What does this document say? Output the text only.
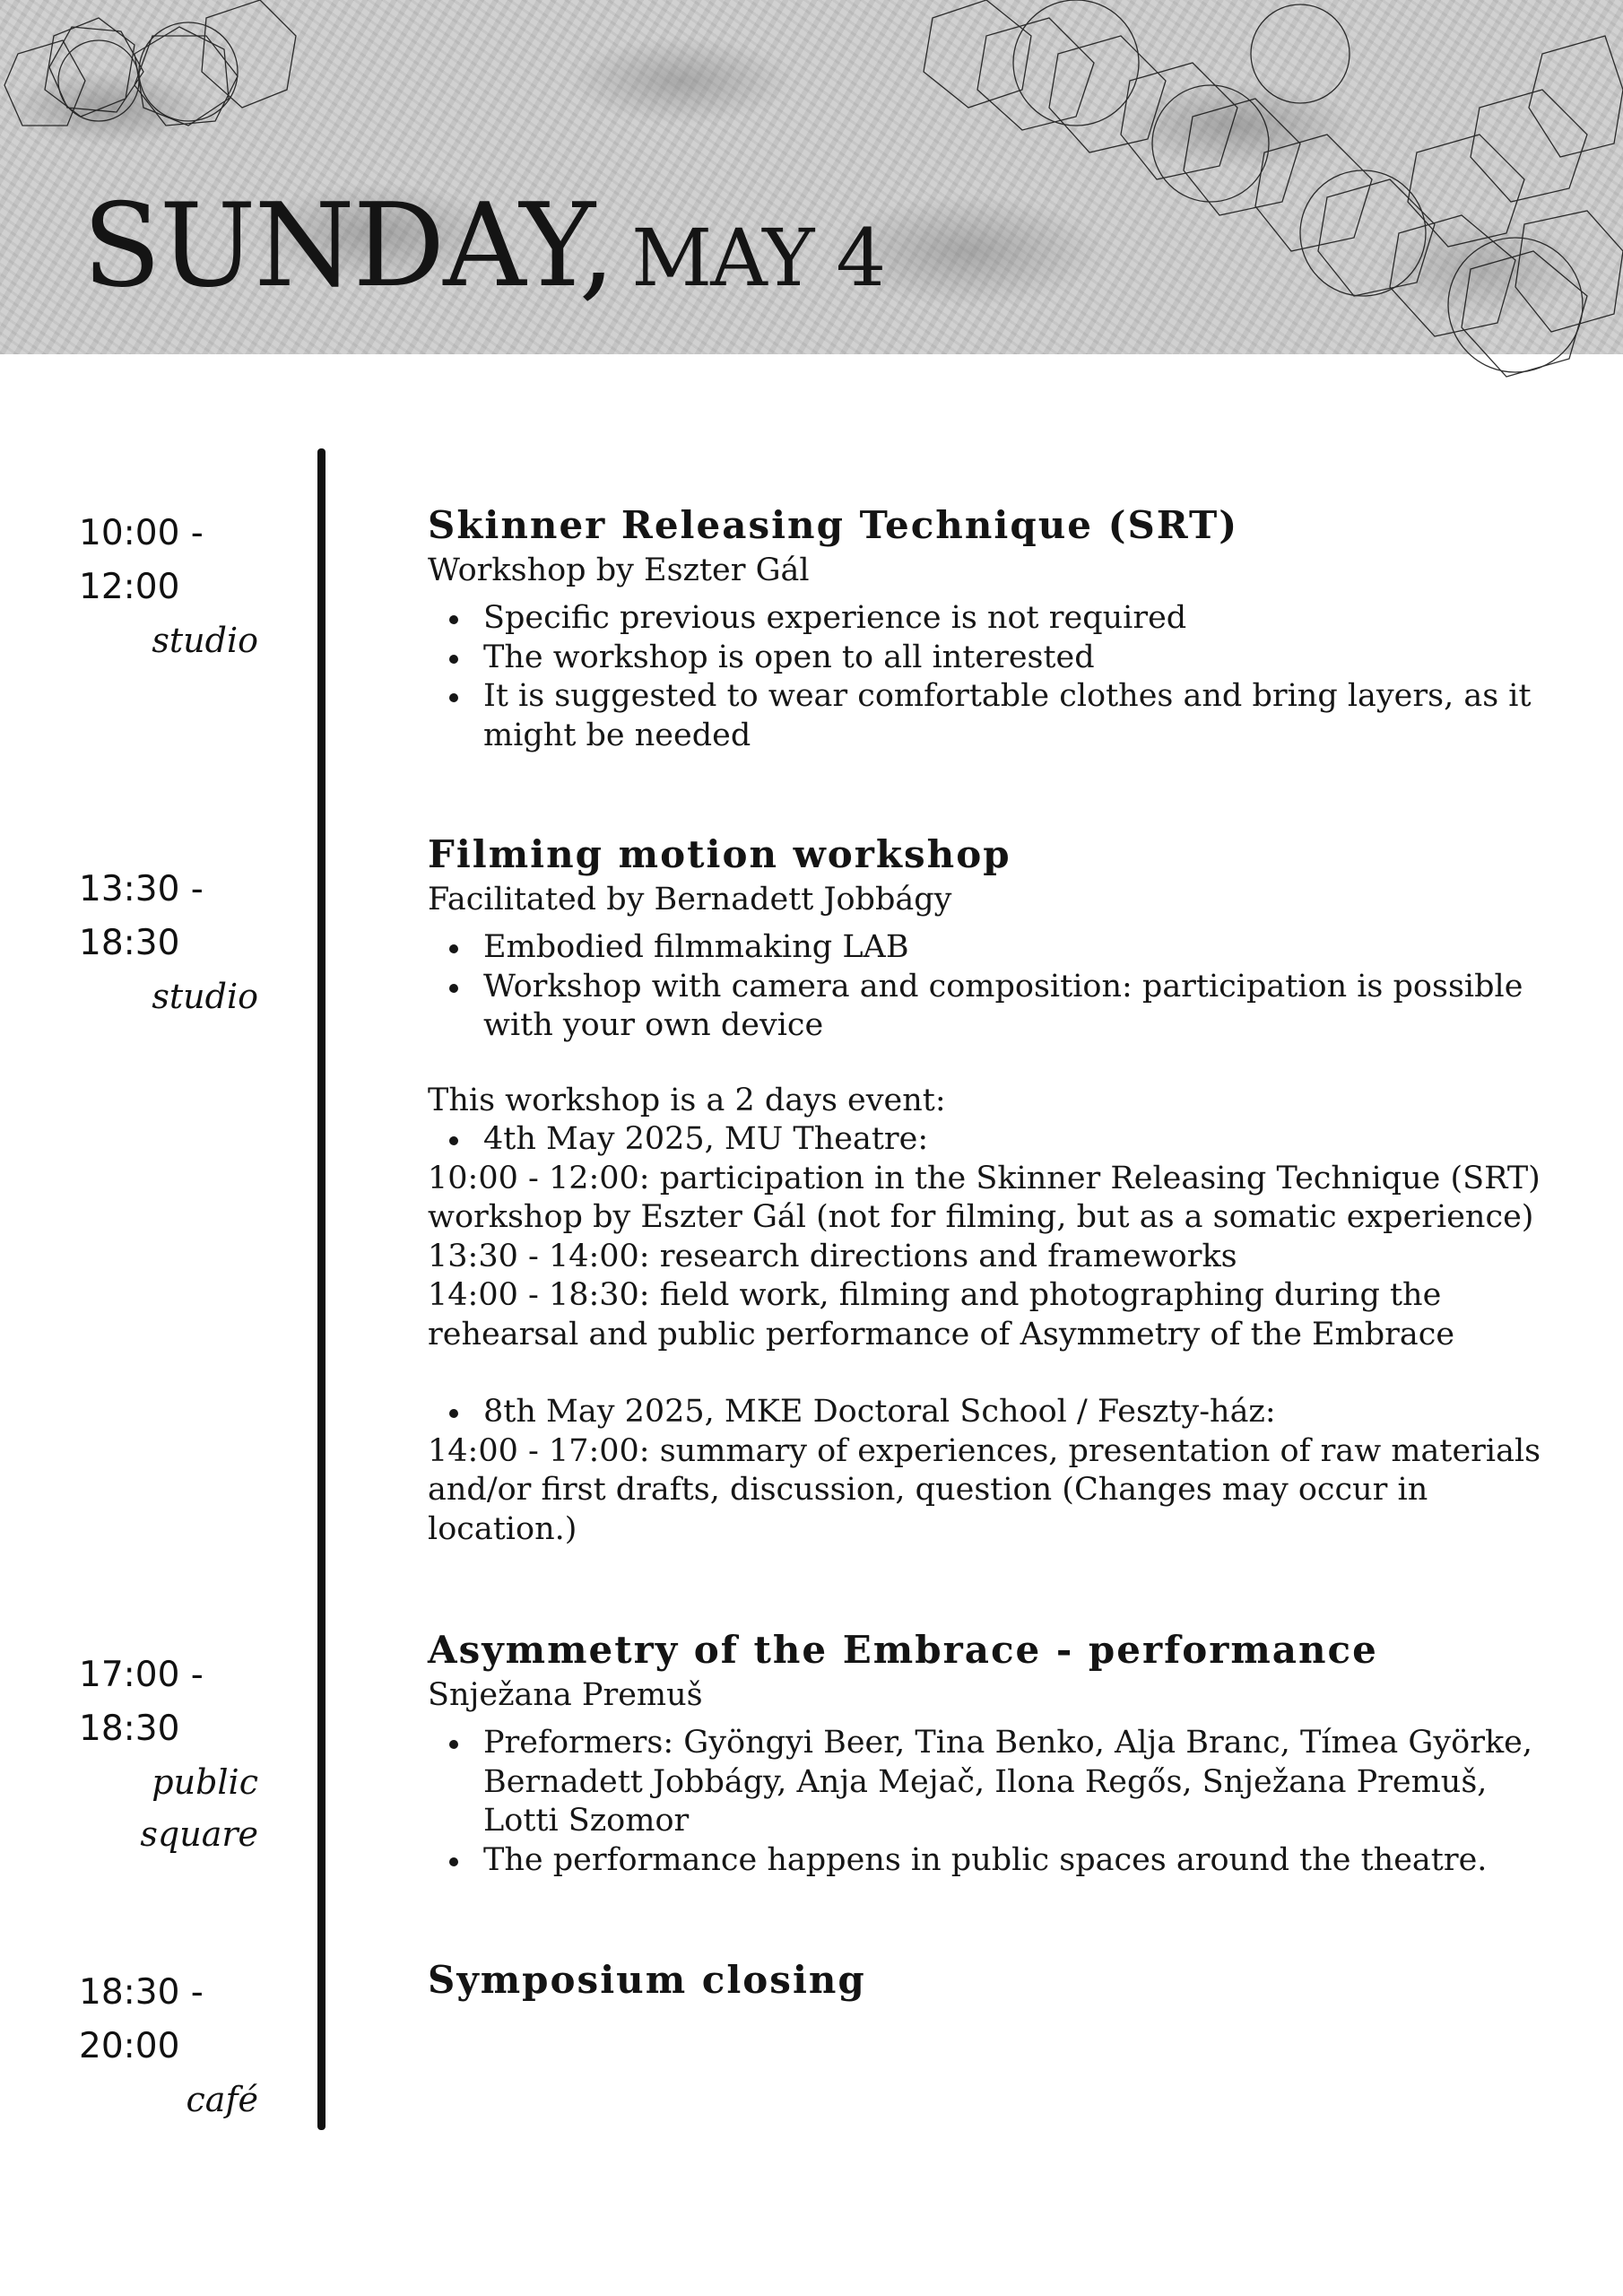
SUNDAY, MAY 4
10:00 -
12:00
studio
Skinner Releasing Technique (SRT)

Workshop by Eszter Gál

Specific previous experience is not required
The workshop is open to all interested
It is suggested to wear comfortable clothes and bring layers, as it might be needed
13:30 -
18:30
studio
Filming motion workshop

Facilitated by Bernadett Jobbágy

Embodied filmmaking LAB
Workshop with camera and composition: participation is possible with your own device

This workshop is a 2 days event:

4th May 2025, MU Theatre:

10:00 - 12:00: participation in the Skinner Releasing Technique (SRT) workshop by Eszter Gál (not for filming, but as a somatic experience)

13:30 - 14:00: research directions and frameworks

14:00 - 18:30: field work, filming and photographing during the rehearsal and public performance of Asymmetry of the Embrace

8th May 2025, MKE Doctoral School / Feszty-ház:

14:00 - 17:00: summary of experiences, presentation of raw materials and/or first drafts, discussion, question (Changes may occur in location.)

17:00 -
18:30
public
square
Asymmetry of the Embrace - performance

Snježana Premuš

Preformers: Gyöngyi Beer, Tina Benko, Alja Branc, Tímea Györke, Bernadett Jobbágy, Anja Mejač, Ilona Regős, Snježana Premuš, Lotti Szomor
The performance happens in public spaces around the theatre.
18:30 -
20:00
café
Symposium closing
